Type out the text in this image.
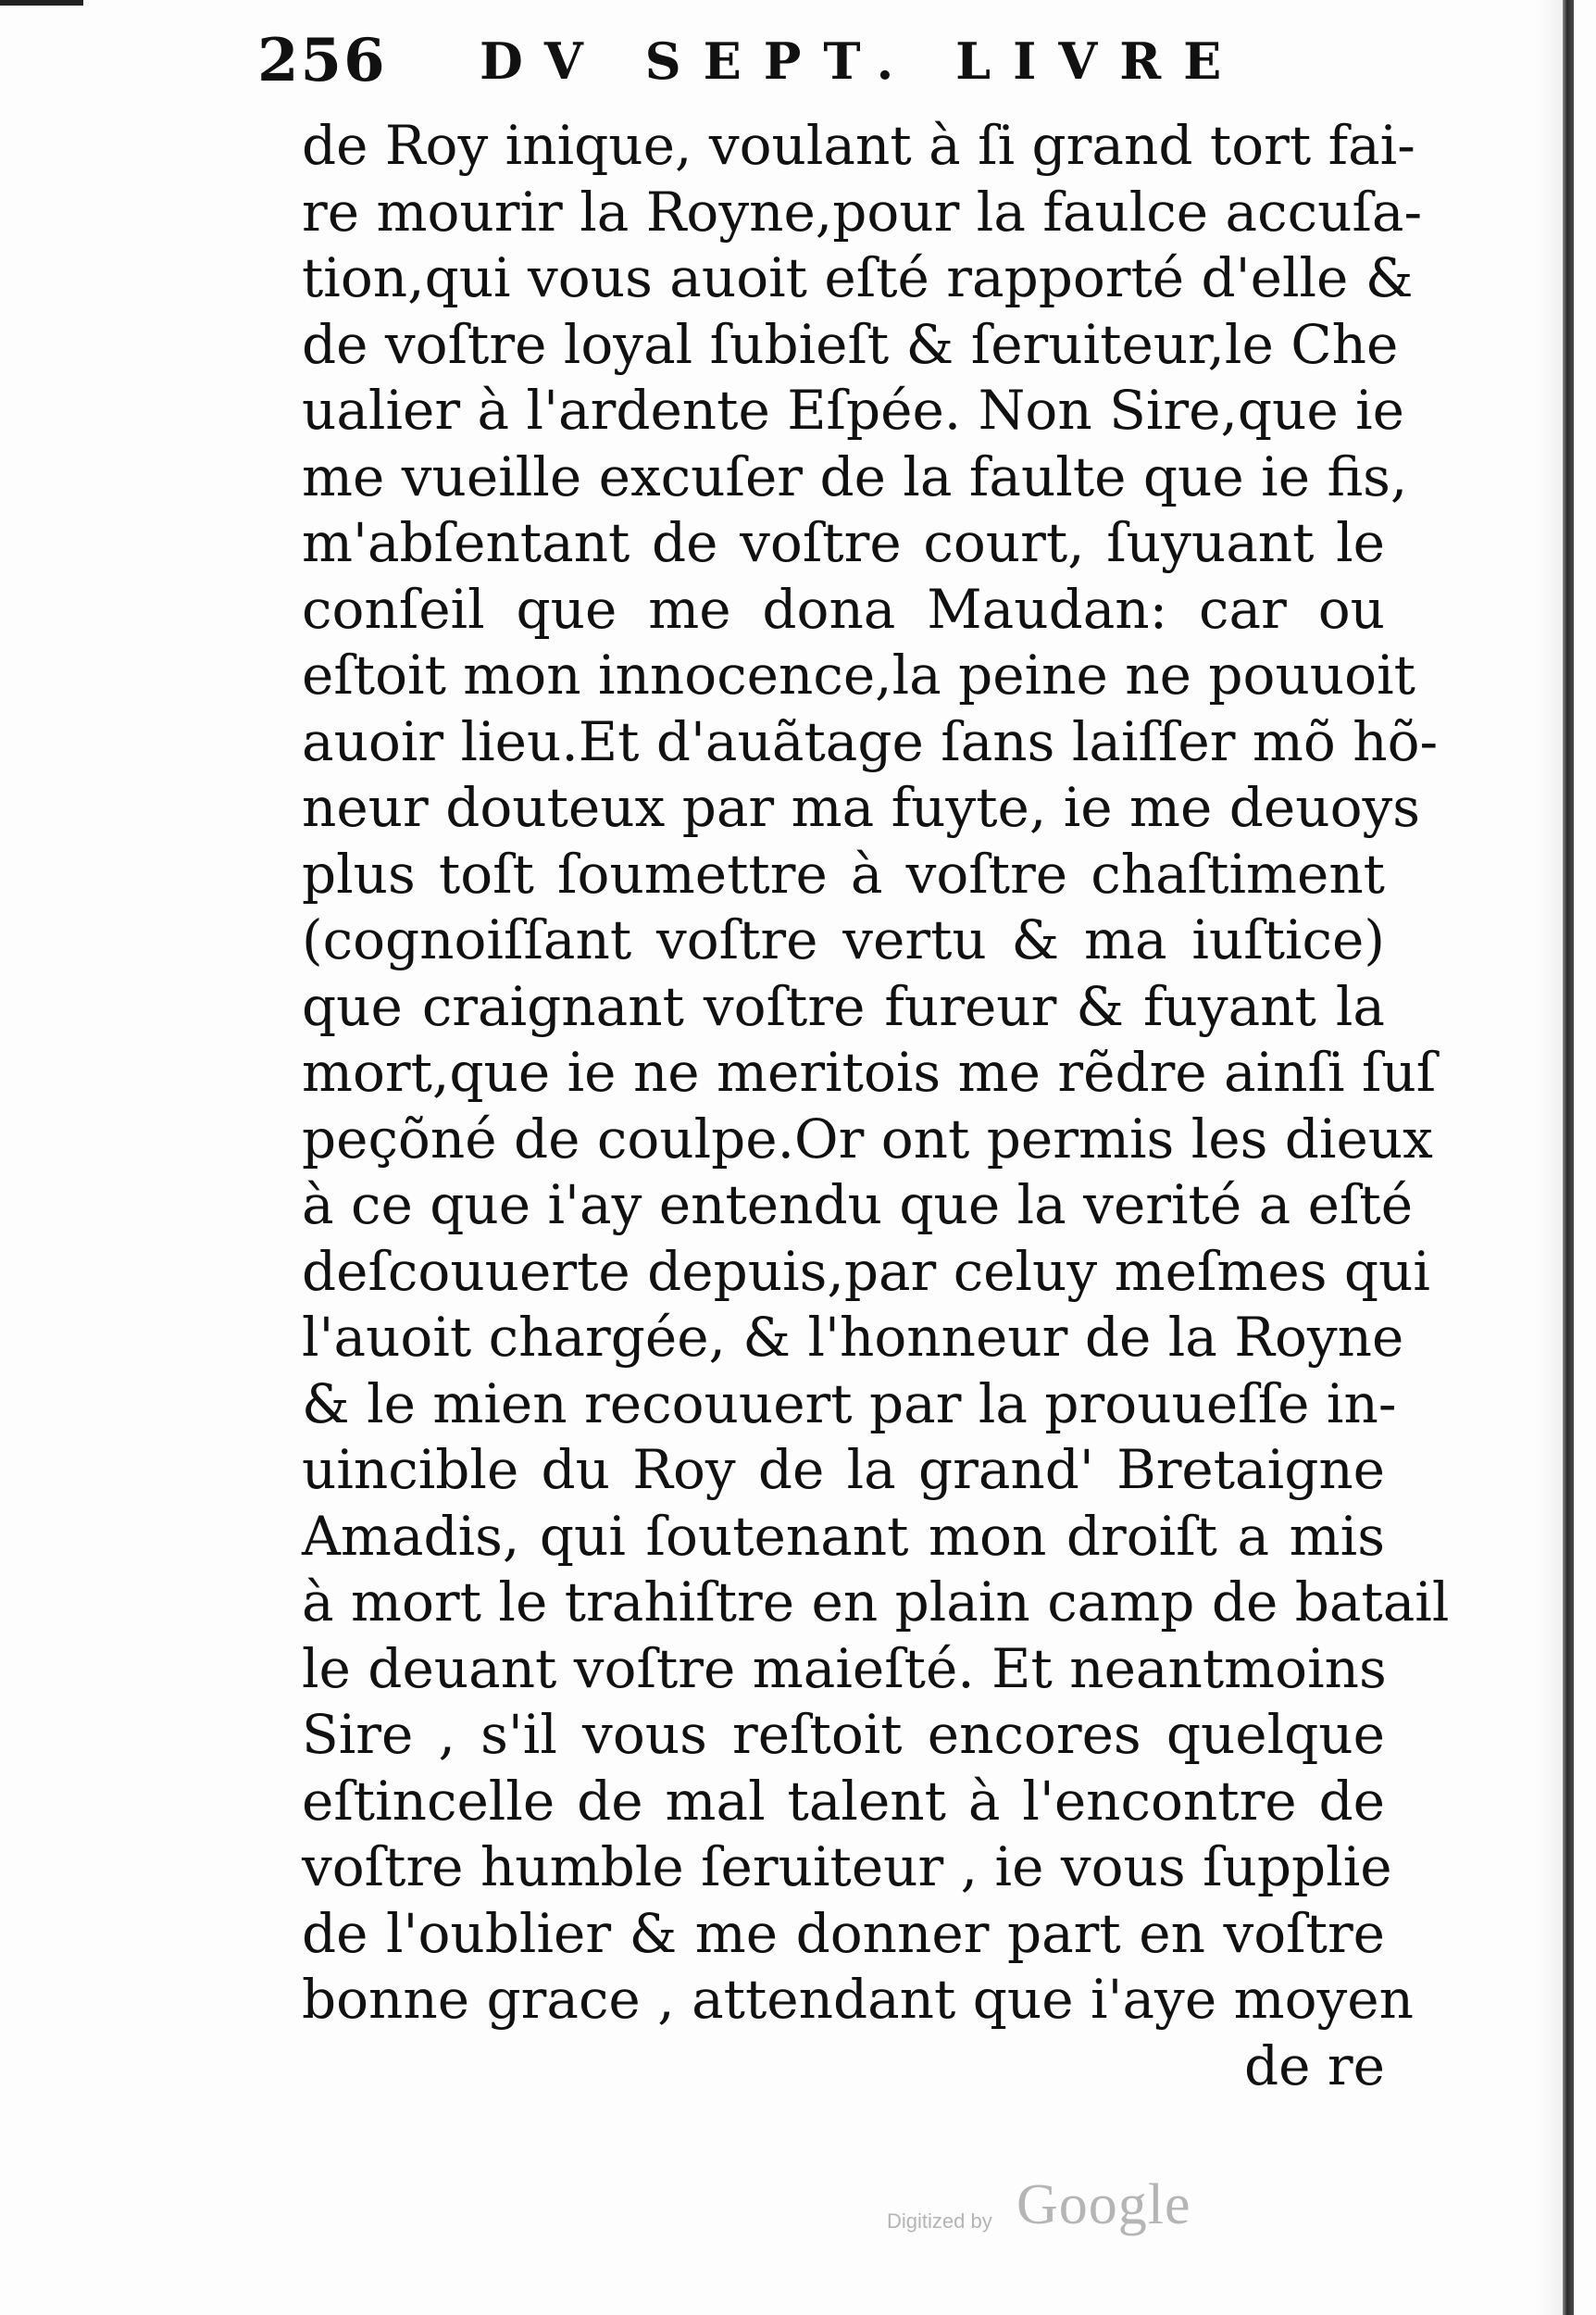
256 DV SEPT. LIVRE
de Roy inique, voulant à ſi grand tort fai-
re mourir la Royne,pour la faulce accuſa-
tion,qui vous auoit eſté rapporté d'elle &
de voſtre loyal ſubieſt & ſeruiteur,le Che
ualier à l'ardente Eſpée. Non Sire,que ie
me vueille excuſer de la faulte que ie fis,
m'abſentant de voſtre court, ſuyuant le
conſeil que me dona Maudan: car ou
eſtoit mon innocence,la peine ne pouuoit
auoir lieu.Et d'auãtage ſans laiſſer mõ hõ-
neur douteux par ma fuyte, ie me deuoys
plus toſt ſoumettre à voſtre chaſtiment
(cognoiſſant voſtre vertu & ma iuſtice)
que craignant voſtre fureur & fuyant la
mort,que ie ne meritois me rẽdre ainſi ſuſ
peçõné de coulpe.Or ont permis les dieux
à ce que i'ay entendu que la verité a eſté
deſcouuerte depuis,par celuy meſmes qui
l'auoit chargée, & l'honneur de la Royne
& le mien recouuert par la prouueſſe in-
uincible du Roy de la grand' Bretaigne
Amadis, qui ſoutenant mon droiſt a mis
à mort le trahiſtre en plain camp de batail
le deuant voſtre maieſté. Et neantmoins
Sire , s'il vous reſtoit encores quelque
eſtincelle de mal talent à l'encontre de
voſtre humble ſeruiteur , ie vous ſupplie
de l'oublier & me donner part en voſtre
bonne grace , attendant que i'aye moyen
de re
Digitized by Google
